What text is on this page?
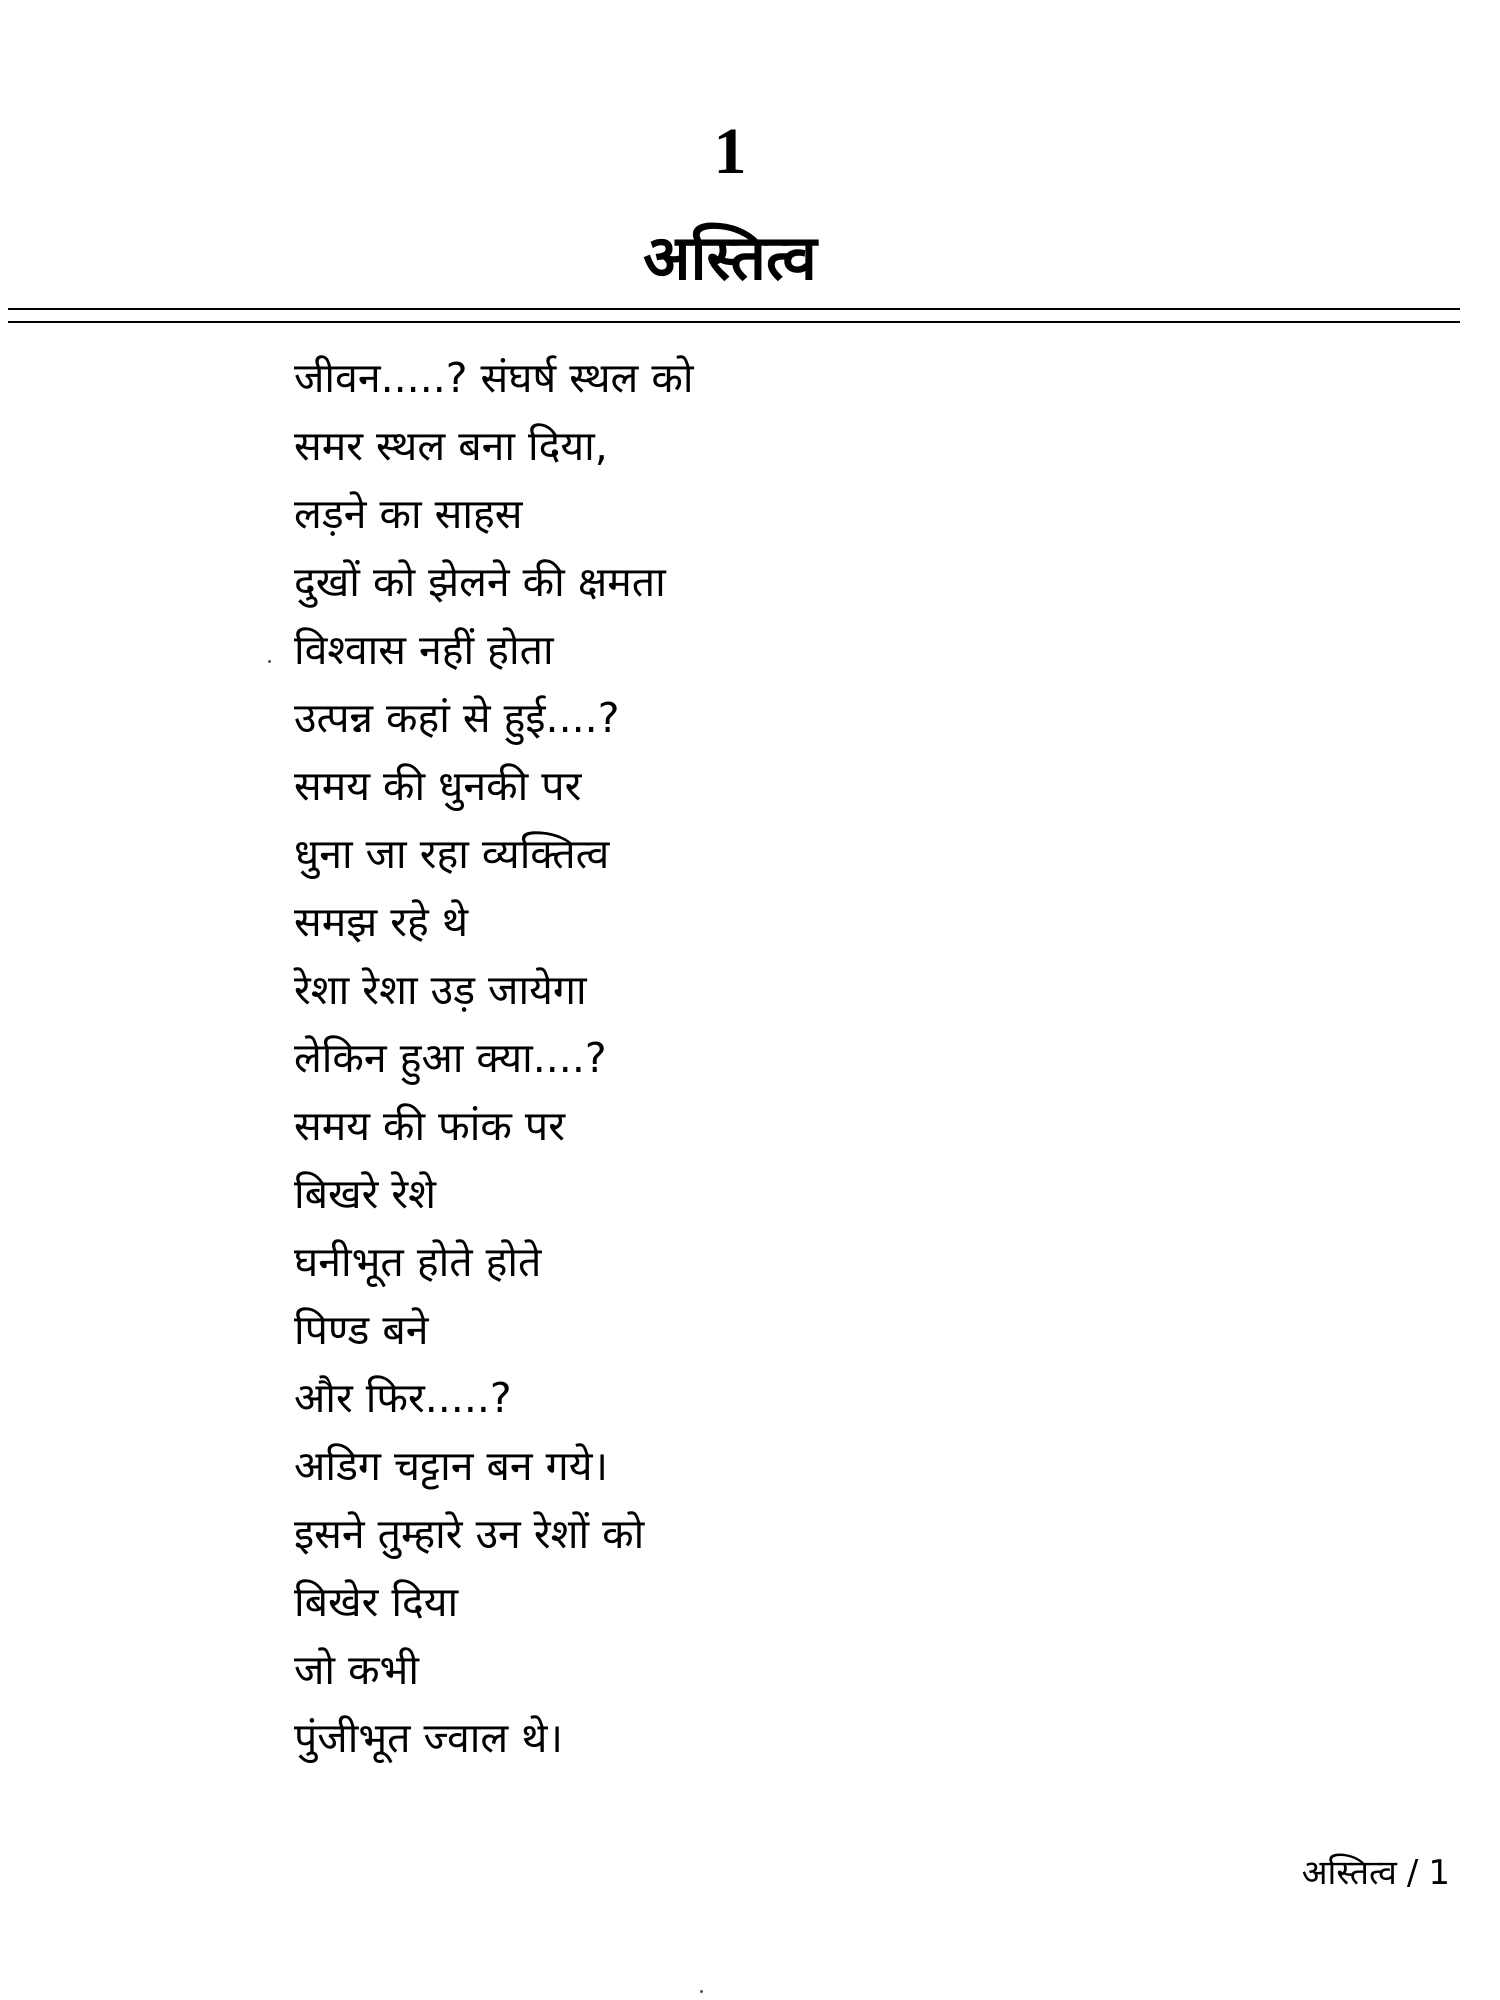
1
अस्तित्व
जीवन.....? संघर्ष स्थल को
समर स्थल बना दिया,
लड़ने का साहस
दुखों को झेलने की क्षमता
विश्वास नहीं होता
उत्पन्न कहां से हुई....?
समय की धुनकी पर
धुना जा रहा व्यक्तित्व
समझ रहे थे
रेशा रेशा उड़ जायेगा
लेकिन हुआ क्या....?
समय की फांक पर
बिखरे रेशे
घनीभूत होते होते
पिण्ड बने
और फिर.....?
अडिग चट्टान बन गये।
इसने तुम्हारे उन रेशों को
बिखेर दिया
जो कभी
पुंजीभूत ज्वाल थे।
अस्तित्व / 1
